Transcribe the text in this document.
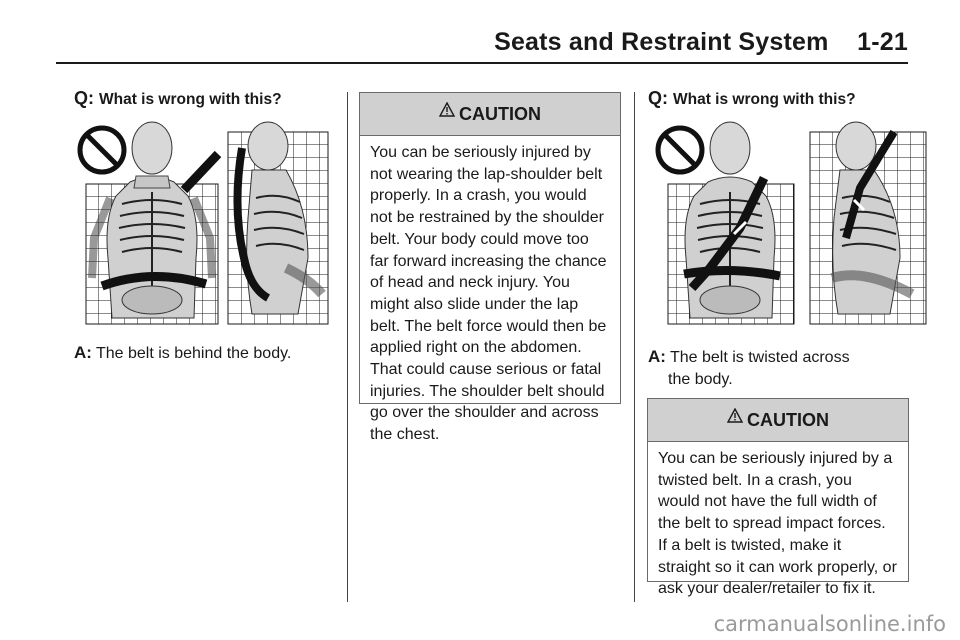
Seats and Restraint System    1-21
Q: What is wrong with this?
A: The belt is behind the body.
CAUTION

You can be seriously injured by not wearing the lap-shoulder belt properly. In a crash, you would not be restrained by the shoulder belt. Your body could move too far forward increasing the chance of head and neck injury. You might also slide under the lap belt. The belt force would then be applied right on the abdomen. That could cause serious or fatal injuries. The shoulder belt should go over the shoulder and across the chest.

Q: What is wrong with this?
A: The belt is twisted across
the body.
CAUTION

You can be seriously injured by a twisted belt. In a crash, you would not have the full width of the belt to spread impact forces. If a belt is twisted, make it straight so it can work properly, or ask your dealer/retailer to fix it.

carmanualsonline.info
